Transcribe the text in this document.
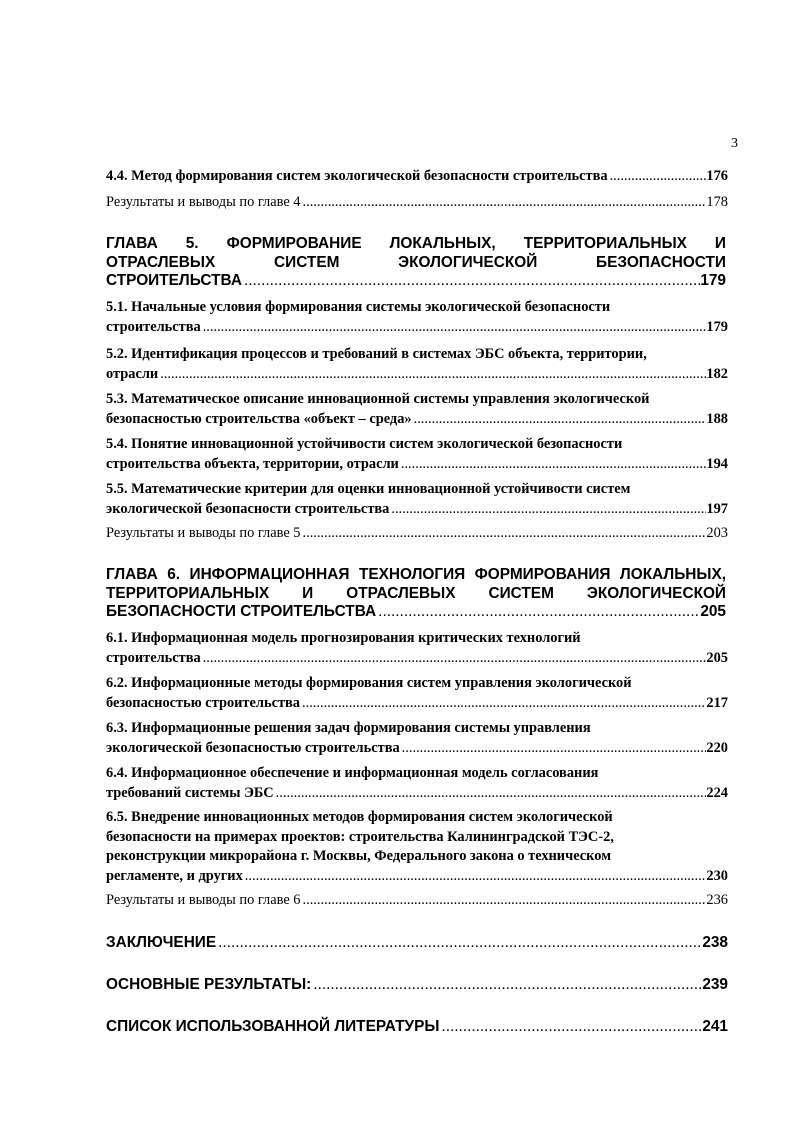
3
4.4. Метод формирования систем экологической безопасности строительства .....	176
Результаты и выводы по главе 4 .....	178
ГЛАВА 5. ФОРМИРОВАНИЕ ЛОКАЛЬНЫХ, ТЕРРИТОРИАЛЬНЫХ И
ОТРАСЛЕВЫХ СИСТЕМ ЭКОЛОГИЧЕСКОЙ БЕЗОПАСНОСТИ
СТРОИТЕЛЬСТВА .....	179
5.1. Начальные условия формирования системы экологической безопасности
строительства .....	179
5.2. Идентификация процессов и требований в системах ЭБС объекта, территории,
отрасли .....	182
5.3. Математическое описание инновационной системы управления экологической
безопасностью строительства «объект – среда» .....	188
5.4. Понятие инновационной устойчивости систем экологической безопасности
строительства объекта, территории, отрасли .....	194
5.5. Математические критерии для оценки инновационной устойчивости систем
экологической безопасности строительства .....	197
Результаты и выводы по главе 5 .....	203
ГЛАВА 6. ИНФОРМАЦИОННАЯ ТЕХНОЛОГИЯ ФОРМИРОВАНИЯ ЛОКАЛЬНЫХ,
ТЕРРИТОРИАЛЬНЫХ И ОТРАСЛЕВЫХ СИСТЕМ ЭКОЛОГИЧЕСКОЙ
БЕЗОПАСНОСТИ СТРОИТЕЛЬСТВА .....	205
6.1. Информационная модель прогнозирования критических технологий
строительства .....	205
6.2. Информационные методы формирования систем управления экологической
безопасностью строительства .....	217
6.3. Информационные решения задач формирования системы управления
экологической безопасностью строительства .....	220
6.4. Информационное обеспечение и информационная модель согласования
требований системы ЭБС .....	224
6.5. Внедрение инновационных методов формирования систем экологической
безопасности на примерах проектов: строительства Калининградской ТЭС-2,
реконструкции микрорайона г. Москвы, Федерального закона о техническом
регламенте, и других .....	230
Результаты и выводы по главе 6 .....	236
ЗАКЛЮЧЕНИЕ .....	238
ОСНОВНЫЕ РЕЗУЛЬТАТЫ: .....	239
СПИСОК ИСПОЛЬЗОВАННОЙ ЛИТЕРАТУРЫ .....	241
